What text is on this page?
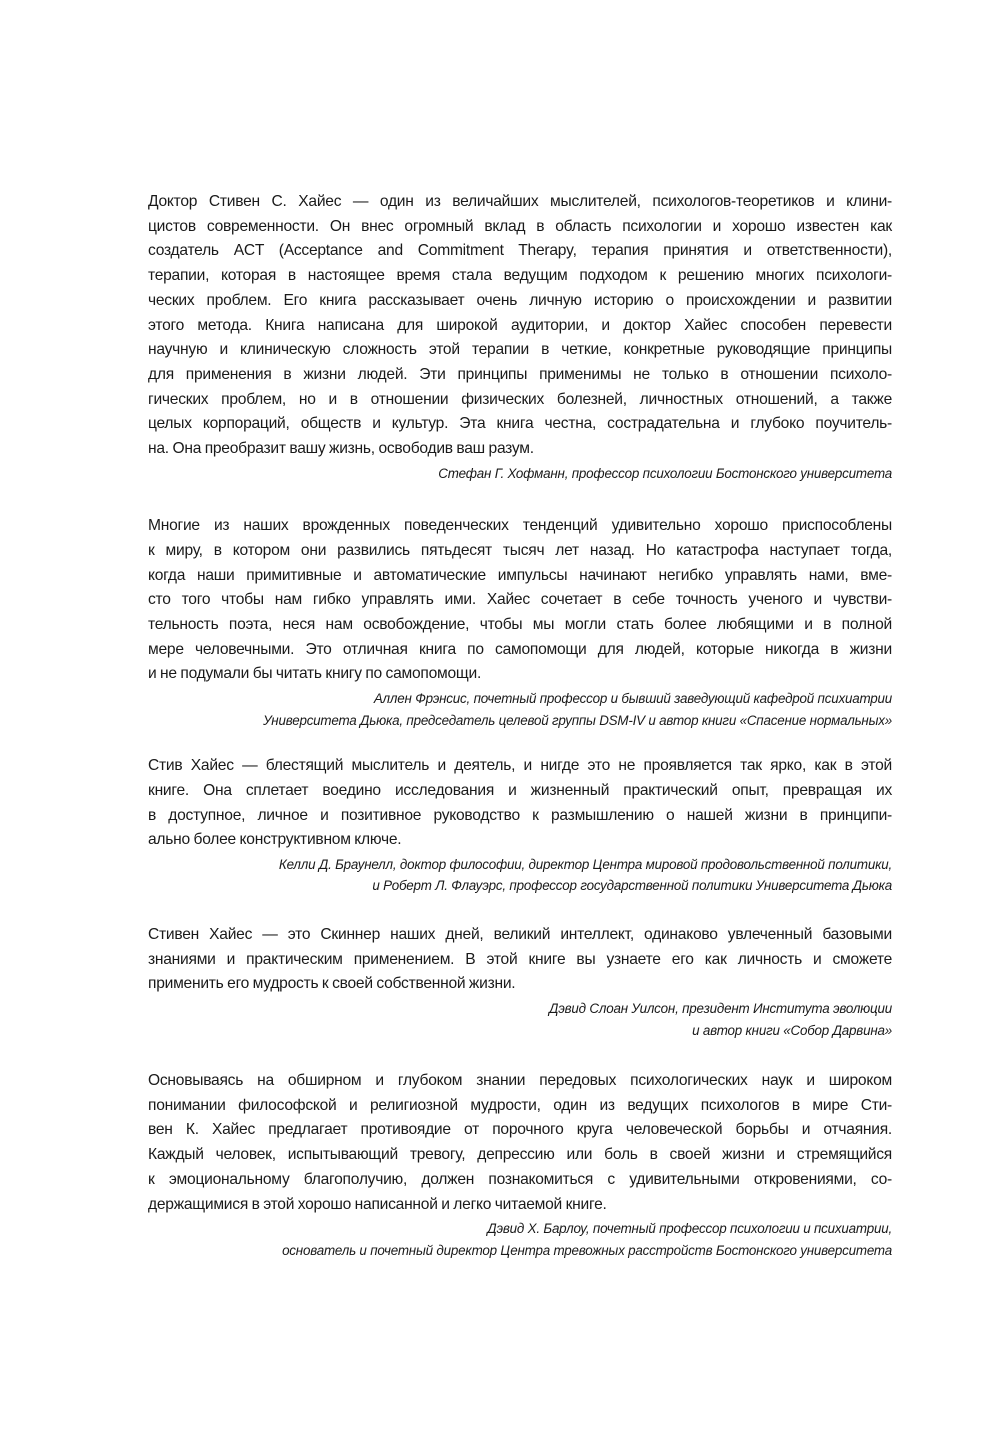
Доктор Стивен С. Хайес — один из величайших мыслителей, психологов-теоретиков и клини-
цистов современности. Он внес огромный вклад в область психологии и хорошо известен как
создатель ACT (Acceptance and Commitment Therapy, терапия принятия и ответственности),
терапии, которая в настоящее время стала ведущим подходом к решению многих психологи-
ческих проблем. Его книга рассказывает очень личную историю о происхождении и развитии
этого метода. Книга написана для широкой аудитории, и доктор Хайес способен перевести
научную и клиническую сложность этой терапии в четкие, конкретные руководящие принципы
для применения в жизни людей. Эти принципы применимы не только в отношении психоло-
гических проблем, но и в отношении физических болезней, личностных отношений, а также
целых корпораций, обществ и культур. Эта книга честна, сострадательна и глубоко поучитель-
на. Она преобразит вашу жизнь, освободив ваш разум.
Стефан Г. Хофманн, профессор психологии Бостонского университета
Многие из наших врожденных поведенческих тенденций удивительно хорошо приспособлены
к миру, в котором они развились пятьдесят тысяч лет назад. Но катастрофа наступает тогда,
когда наши примитивные и автоматические импульсы начинают негибко управлять нами, вме-
сто того чтобы нам гибко управлять ими. Хайес сочетает в себе точность ученого и чувстви-
тельность поэта, неся нам освобождение, чтобы мы могли стать более любящими и в полной
мере человечными. Это отличная книга по самопомощи для людей, которые никогда в жизни
и не подумали бы читать книгу по самопомощи.
Аллен Фрэнсис, почетный профессор и бывший заведующий кафедрой психиатрии
Университета Дьюка, председатель целевой группы DSM-IV и автор книги «Спасение нормальных»
Стив Хайес — блестящий мыслитель и деятель, и нигде это не проявляется так ярко, как в этой
книге. Она сплетает воедино исследования и жизненный практический опыт, превращая их
в доступное, личное и позитивное руководство к размышлению о нашей жизни в принципи-
ально более конструктивном ключе.
Келли Д. Браунелл, доктор философии, директор Центра мировой продовольственной политики,
и Роберт Л. Флауэрс, профессор государственной политики Университета Дьюка
Стивен Хайес — это Скиннер наших дней, великий интеллект, одинаково увлеченный базовыми
знаниями и практическим применением. В этой книге вы узнаете его как личность и сможете
применить его мудрость к своей собственной жизни.
Дэвид Слоан Уилсон, президент Института эволюции
и автор книги «Собор Дарвина»
Основываясь на обширном и глубоком знании передовых психологических наук и широком
понимании философской и религиозной мудрости, один из ведущих психологов в мире Сти-
вен К. Хайес предлагает противоядие от порочного круга человеческой борьбы и отчаяния.
Каждый человек, испытывающий тревогу, депрессию или боль в своей жизни и стремящийся
к эмоциональному благополучию, должен познакомиться с удивительными откровениями, со-
держащимися в этой хорошо написанной и легко читаемой книге.
Дэвид Х. Барлоу, почетный профессор психологии и психиатрии,
основатель и почетный директор Центра тревожных расстройств Бостонского университета
